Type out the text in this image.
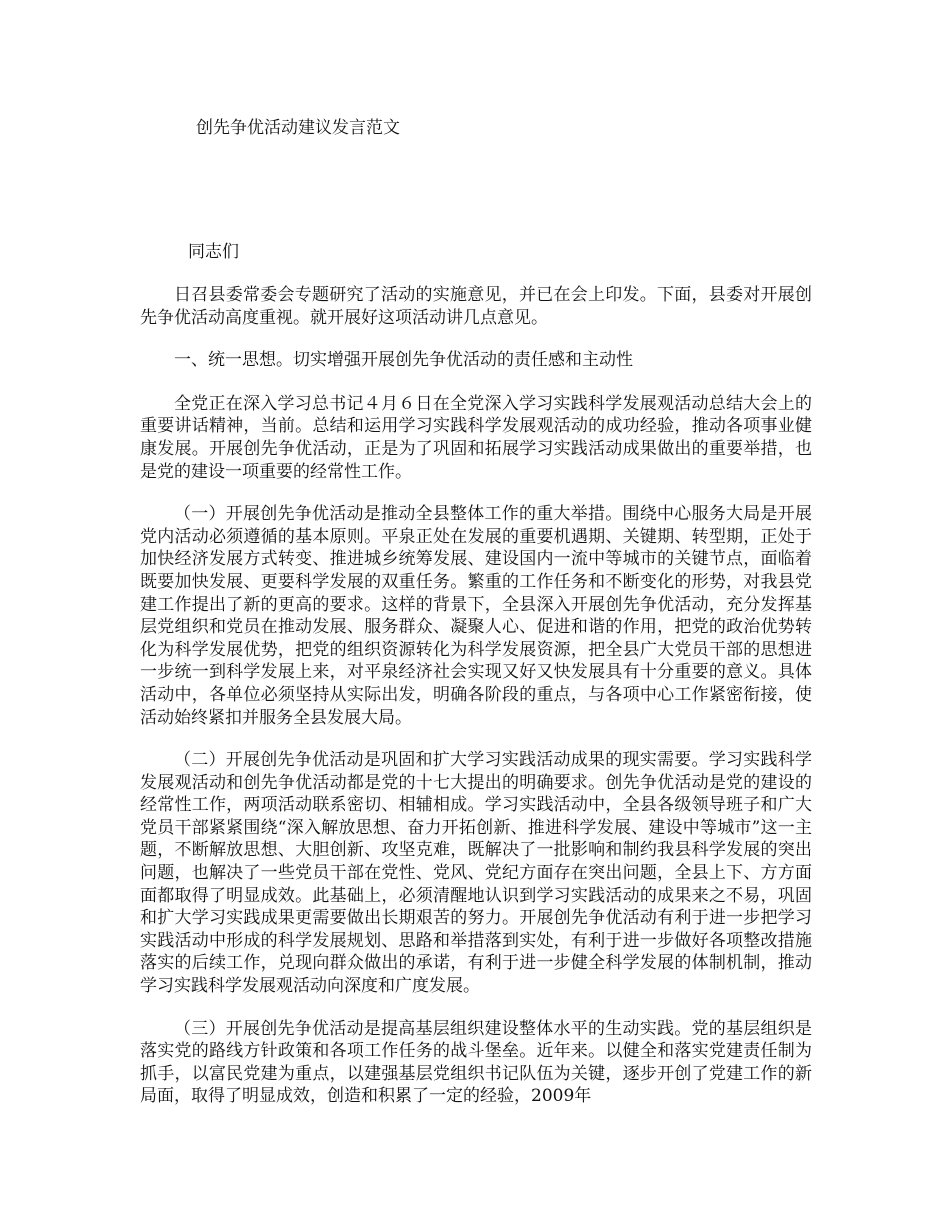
创先争优活动建议发言范文

同志们

日召县委常委会专题研究了活动的实施意见，并已在会上印发。下面，县委对开展创先争优活动高度重视。就开展好这项活动讲几点意见。

一、统一思想。切实增强开展创先争优活动的责任感和主动性

全党正在深入学习总书记４月６日在全党深入学习实践科学发展观活动总结大会上的重要讲话精神，当前。总结和运用学习实践科学发展观活动的成功经验，推动各项事业健康发展。开展创先争优活动，正是为了巩固和拓展学习实践活动成果做出的重要举措，也是党的建设一项重要的经常性工作。

（一）开展创先争优活动是推动全县整体工作的重大举措。围绕中心服务大局是开展党内活动必须遵循的基本原则。平泉正处在发展的重要机遇期、关键期、转型期，正处于加快经济发展方式转变、推进城乡统筹发展、建设国内一流中等城市的关键节点，面临着既要加快发展、更要科学发展的双重任务。繁重的工作任务和不断变化的形势，对我县党建工作提出了新的更高的要求。这样的背景下，全县深入开展创先争优活动，充分发挥基层党组织和党员在推动发展、服务群众、凝聚人心、促进和谐的作用，把党的政治优势转化为科学发展优势，把党的组织资源转化为科学发展资源，把全县广大党员干部的思想进一步统一到科学发展上来，对平泉经济社会实现又好又快发展具有十分重要的意义。具体活动中，各单位必须坚持从实际出发，明确各阶段的重点，与各项中心工作紧密衔接，使活动始终紧扣并服务全县发展大局。

（二）开展创先争优活动是巩固和扩大学习实践活动成果的现实需要。学习实践科学发展观活动和创先争优活动都是党的十七大提出的明确要求。创先争优活动是党的建设的经常性工作，两项活动联系密切、相辅相成。学习实践活动中，全县各级领导班子和广大党员干部紧紧围绕“深入解放思想、奋力开拓创新、推进科学发展、建设中等城市”这一主题，不断解放思想、大胆创新、攻坚克难，既解决了一批影响和制约我县科学发展的突出问题，也解决了一些党员干部在党性、党风、党纪方面存在突出问题，全县上下、方方面面都取得了明显成效。此基础上，必须清醒地认识到学习实践活动的成果来之不易，巩固和扩大学习实践成果更需要做出长期艰苦的努力。开展创先争优活动有利于进一步把学习实践活动中形成的科学发展规划、思路和举措落到实处，有利于进一步做好各项整改措施落实的后续工作，兑现向群众做出的承诺，有利于进一步健全科学发展的体制机制，推动学习实践科学发展观活动向深度和广度发展。

（三）开展创先争优活动是提高基层组织建设整体水平的生动实践。党的基层组织是落实党的路线方针政策和各项工作任务的战斗堡垒。近年来。以健全和落实党建责任制为抓手，以富民党建为重点，以建强基层党组织书记队伍为关键，逐步开创了党建工作的新局面，取得了明显成效，创造和积累了一定的经验，2009年
